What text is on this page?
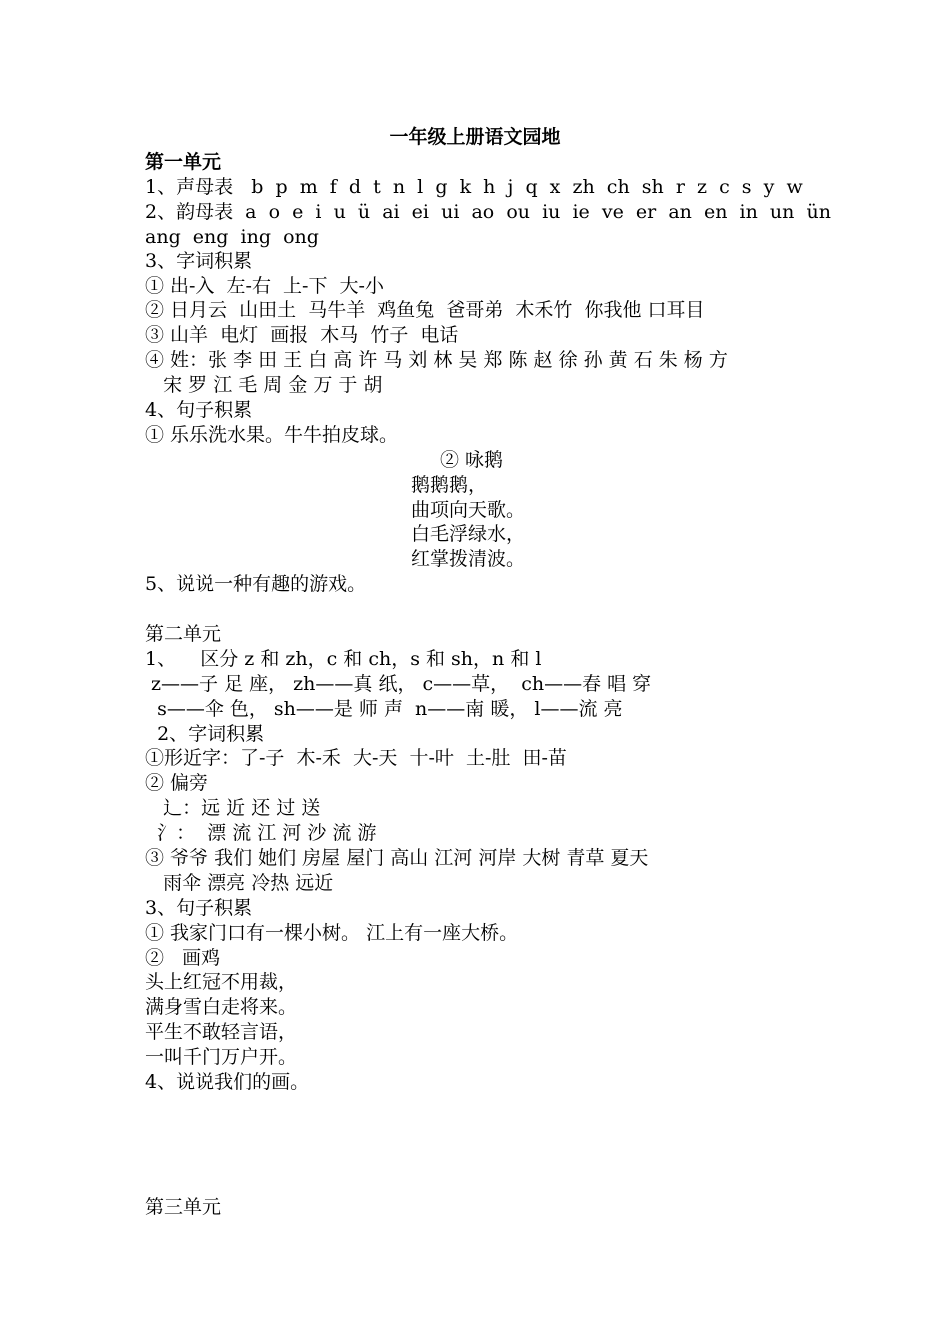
一年级上册语文园地

第一单元

1、声母表   b  p  m  f  d  t  n  l  g  k  h  j  q  x  zh  ch  sh  r  z  c  s  y  w

2、韵母表  a  o  e  i  u  ü  ai  ei  ui  ao  ou  iu  ie  ve  er  an  en  in  un  ün

ang  eng  ing  ong

3、字词积累

① 出-入  左-右  上-下  大-小

② 日月云  山田土  马牛羊  鸡鱼兔  爸哥弟  木禾竹  你我他 口耳目

③ 山羊  电灯  画报  木马  竹子  电话

④ 姓：张 李 田 王 白 高 许 马 刘 林 吴 郑 陈 赵 徐 孙 黄 石 朱 杨 方

宋 罗 江 毛 周 金 万 于 胡

4、句子积累

① 乐乐洗水果。牛牛拍皮球。

② 咏鹅

鹅鹅鹅，

曲项向天歌。

白毛浮绿水，

红掌拨清波。

5、说说一种有趣的游戏。

第二单元

1、    区分 z 和 zh，c 和 ch，s 和 sh，n 和 l

z——子 足 座， zh——真 纸， c——草，  ch——春 唱 穿

s——伞 色， sh——是 师 声  n——南 暖， l——流 亮

2、字词积累

①形近字：了-子  木-禾  大-天  十-叶  土-肚  田-苗

② 偏旁

辶：远 近 还 过 送

氵：  漂 流 江 河 沙 流 游

③ 爷爷 我们 她们 房屋 屋门 高山 江河 河岸 大树 青草 夏天

雨伞 漂亮 冷热 远近

3、句子积累

① 我家门口有一棵小树。 江上有一座大桥。

②   画鸡

头上红冠不用裁，

满身雪白走将来。

平生不敢轻言语，

一叫千门万户开。

4、说说我们的画。

第三单元
